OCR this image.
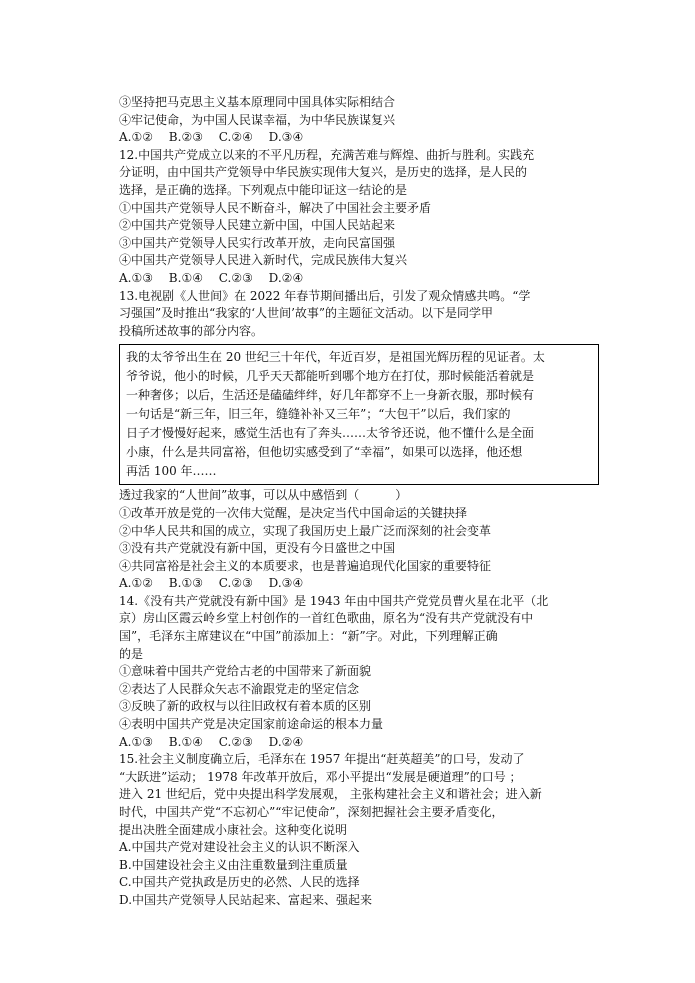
③坚持把马克思主义基本原理同中国具体实际相结合
④牢记使命，为中国人民谋幸福，为中华民族谋复兴
A.①②　 B.②③　 C.②④　 D.③④
12.中国共产党成立以来的不平凡历程，充满苦难与辉煌、曲折与胜利。实践充
分证明，由中国共产党领导中华民族实现伟大复兴，是历史的选择，是人民的
选择，是正确的选择。下列观点中能印证这一结论的是
①中国共产党领导人民不断奋斗，解决了中国社会主要矛盾
②中国共产党领导人民建立新中国，中国人民站起来
③中国共产党领导人民实行改革开放，走向民富国强
④中国共产党领导人民进入新时代，完成民族伟大复兴
A.①③　 B.①④　 C.②③　 D.②④
13.电视剧《人世间》在 2022 年春节期间播出后，引发了观众情感共鸣。“学
习强国”及时推出“我家的‘人世间’故事”的主题征文活动。以下是同学甲
投稿所述故事的部分内容。
我的太爷爷出生在 20 世纪三十年代，年近百岁，是祖国光辉历程的见证者。太
爷爷说，他小的时候，几乎天天都能听到哪个地方在打仗，那时候能活着就是
一种奢侈；以后，生活还是磕磕绊绊，好几年都穿不上一身新衣服，那时候有
一句话是“新三年，旧三年，缝缝补补又三年”；“大包干”以后，我们家的
日子才慢慢好起来，感觉生活也有了奔头……太爷爷还说，他不懂什么是全面
小康，什么是共同富裕，但他切实感受到了“幸福”，如果可以选择，他还想
再活 100 年……
透过我家的“人世间”故事，可以从中感悟到（　　　）
①改革开放是党的一次伟大觉醒，是决定当代中国命运的关键抉择
②中华人民共和国的成立，实现了我国历史上最广泛而深刻的社会变革
③没有共产党就没有新中国，更没有今日盛世之中国
④共同富裕是社会主义的本质要求，也是普遍追现代化国家的重要特征
A.①②　 B.①③　 C.②③　 D.③④
14.《没有共产党就没有新中国》是 1943 年由中国共产党党员曹火星在北平（北
京）房山区霞云岭乡堂上村创作的一首红色歌曲，原名为“没有共产党就没有中
国”，毛泽东主席建议在“中国”前添加上：“新”字。对此，下列理解正确
的是
①意味着中国共产党给古老的中国带来了新面貌
②表达了人民群众矢志不渝跟党走的坚定信念
③反映了新的政权与以往旧政权有着本质的区别
④表明中国共产党是决定国家前途命运的根本力量
A.①③　 B.①④　 C.②③　 D.②④
15.社会主义制度确立后，毛泽东在 1957 年提出“赶英超美”的口号，发动了
“大跃进”运动； 1978 年改革开放后，邓小平提出“发展是硬道理”的口号 ；
进入 21 世纪后，党中央提出科学发展观， 主张构建社会主义和谐社会；进入新
时代，中国共产党“不忘初心”“牢记使命”，深刻把握社会主要矛盾变化，
提出决胜全面建成小康社会。这种变化说明
A.中国共产党对建设社会主义的认识不断深入
B.中国建设社会主义由注重数量到注重质量
C.中国共产党执政是历史的必然、人民的选择
D.中国共产党领导人民站起来、富起来、强起来
